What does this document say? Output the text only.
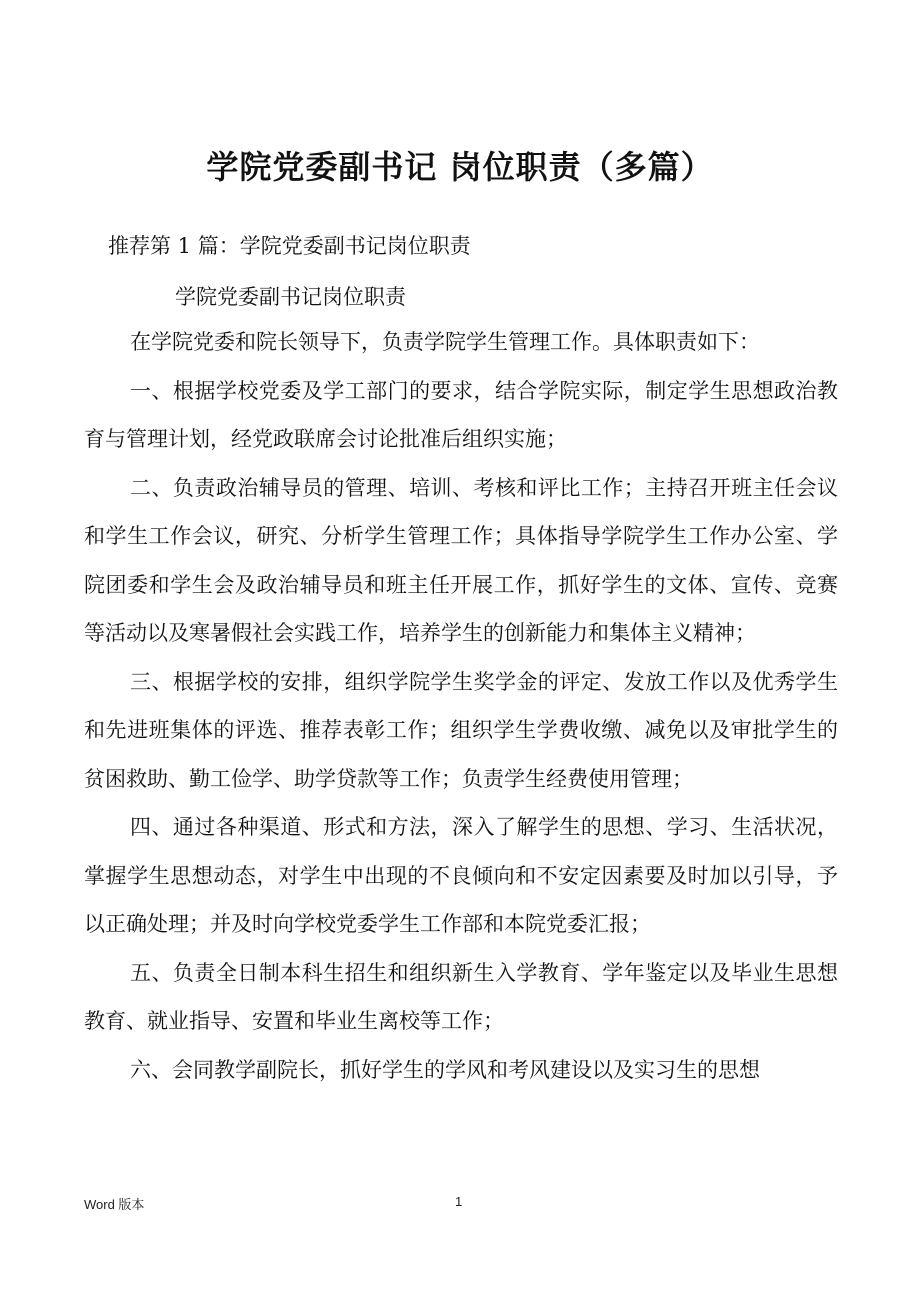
学院党委副书记 岗位职责（多篇）
推荐第 1 篇：学院党委副书记岗位职责
学院党委副书记岗位职责

在学院党委和院长领导下，负责学院学生管理工作。具体职责如下：

一、根据学校党委及学工部门的要求，结合学院实际，制定学生思想政治教育与管理计划，经党政联席会讨论批准后组织实施；

二、负责政治辅导员的管理、培训、考核和评比工作；主持召开班主任会议和学生工作会议，研究、分析学生管理工作；具体指导学院学生工作办公室、学院团委和学生会及政治辅导员和班主任开展工作，抓好学生的文体、宣传、竞赛等活动以及寒暑假社会实践工作，培养学生的创新能力和集体主义精神；

三、根据学校的安排，组织学院学生奖学金的评定、发放工作以及优秀学生和先进班集体的评选、推荐表彰工作；组织学生学费收缴、减免以及审批学生的贫困救助、勤工俭学、助学贷款等工作；负责学生经费使用管理；

四、通过各种渠道、形式和方法，深入了解学生的思想、学习、生活状况，掌握学生思想动态，对学生中出现的不良倾向和不安定因素要及时加以引导，予以正确处理；并及时向学校党委学生工作部和本院党委汇报；

五、负责全日制本科生招生和组织新生入学教育、学年鉴定以及毕业生思想教育、就业指导、安置和毕业生离校等工作；

六、会同教学副院长，抓好学生的学风和考风建设以及实习生的思想

Word 版本	1
